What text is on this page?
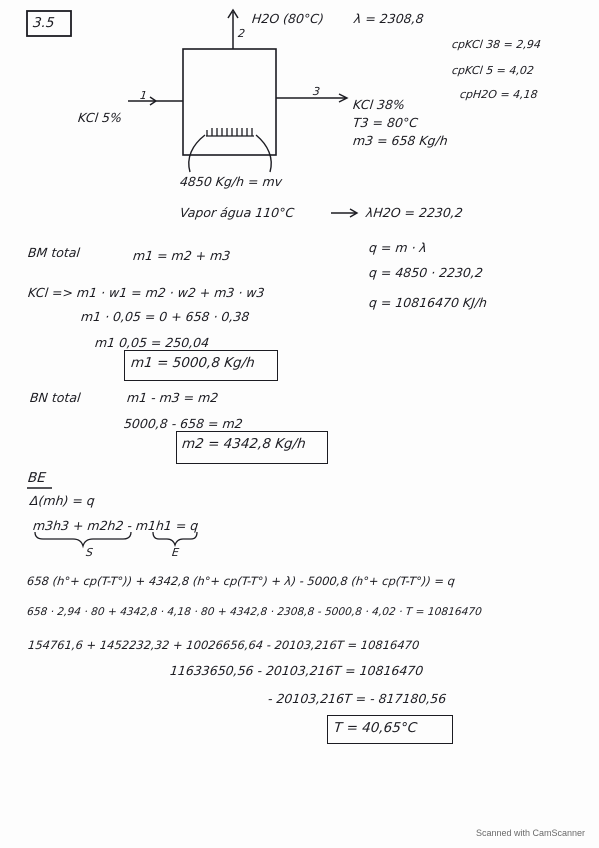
3.5	H2O (80°C) λ = 2308,8
2
1
KCl 5%
3
KCl 38%
T3 = 80°C
m3 = 658 Kg/h
4850 Kg/h = mv
Vapor água 110°C	λH2O = 2230,2
cpKCl 38 = 2,94
cpKCl 5 = 4,02
cpH2O = 4,18
q = m · λ
q = 4850 · 2230,2
q = 10816470 KJ/h
BM total	m1 = m2 + m3
KCl => m1 · w1 = m2 · w2 + m3 · w3
m1 · 0,05 = 0 + 658 · 0,38
m1 0,05 = 250,04
m1 = 5000,8 Kg/h
BN total	m1 - m3 = m2
5000,8 - 658 = m2
m2 = 4342,8 Kg/h
BE
Δ(mh) = q
m3h3 + m2h2 - m1h1 = q
S	E
658 (h°+ cp(T-T°)) + 4342,8 (h°+ cp(T-T°) + λ) - 5000,8 (h°+ cp(T-T°)) = q
658 · 2,94 · 80 + 4342,8 · 4,18 · 80 + 4342,8 · 2308,8 - 5000,8 · 4,02 · T = 10816470
154761,6 + 1452232,32 + 10026656,64 - 20103,216T = 10816470
11633650,56 - 20103,216T = 10816470
- 20103,216T = - 817180,56
T = 40,65°C
Scanned with CamScanner
